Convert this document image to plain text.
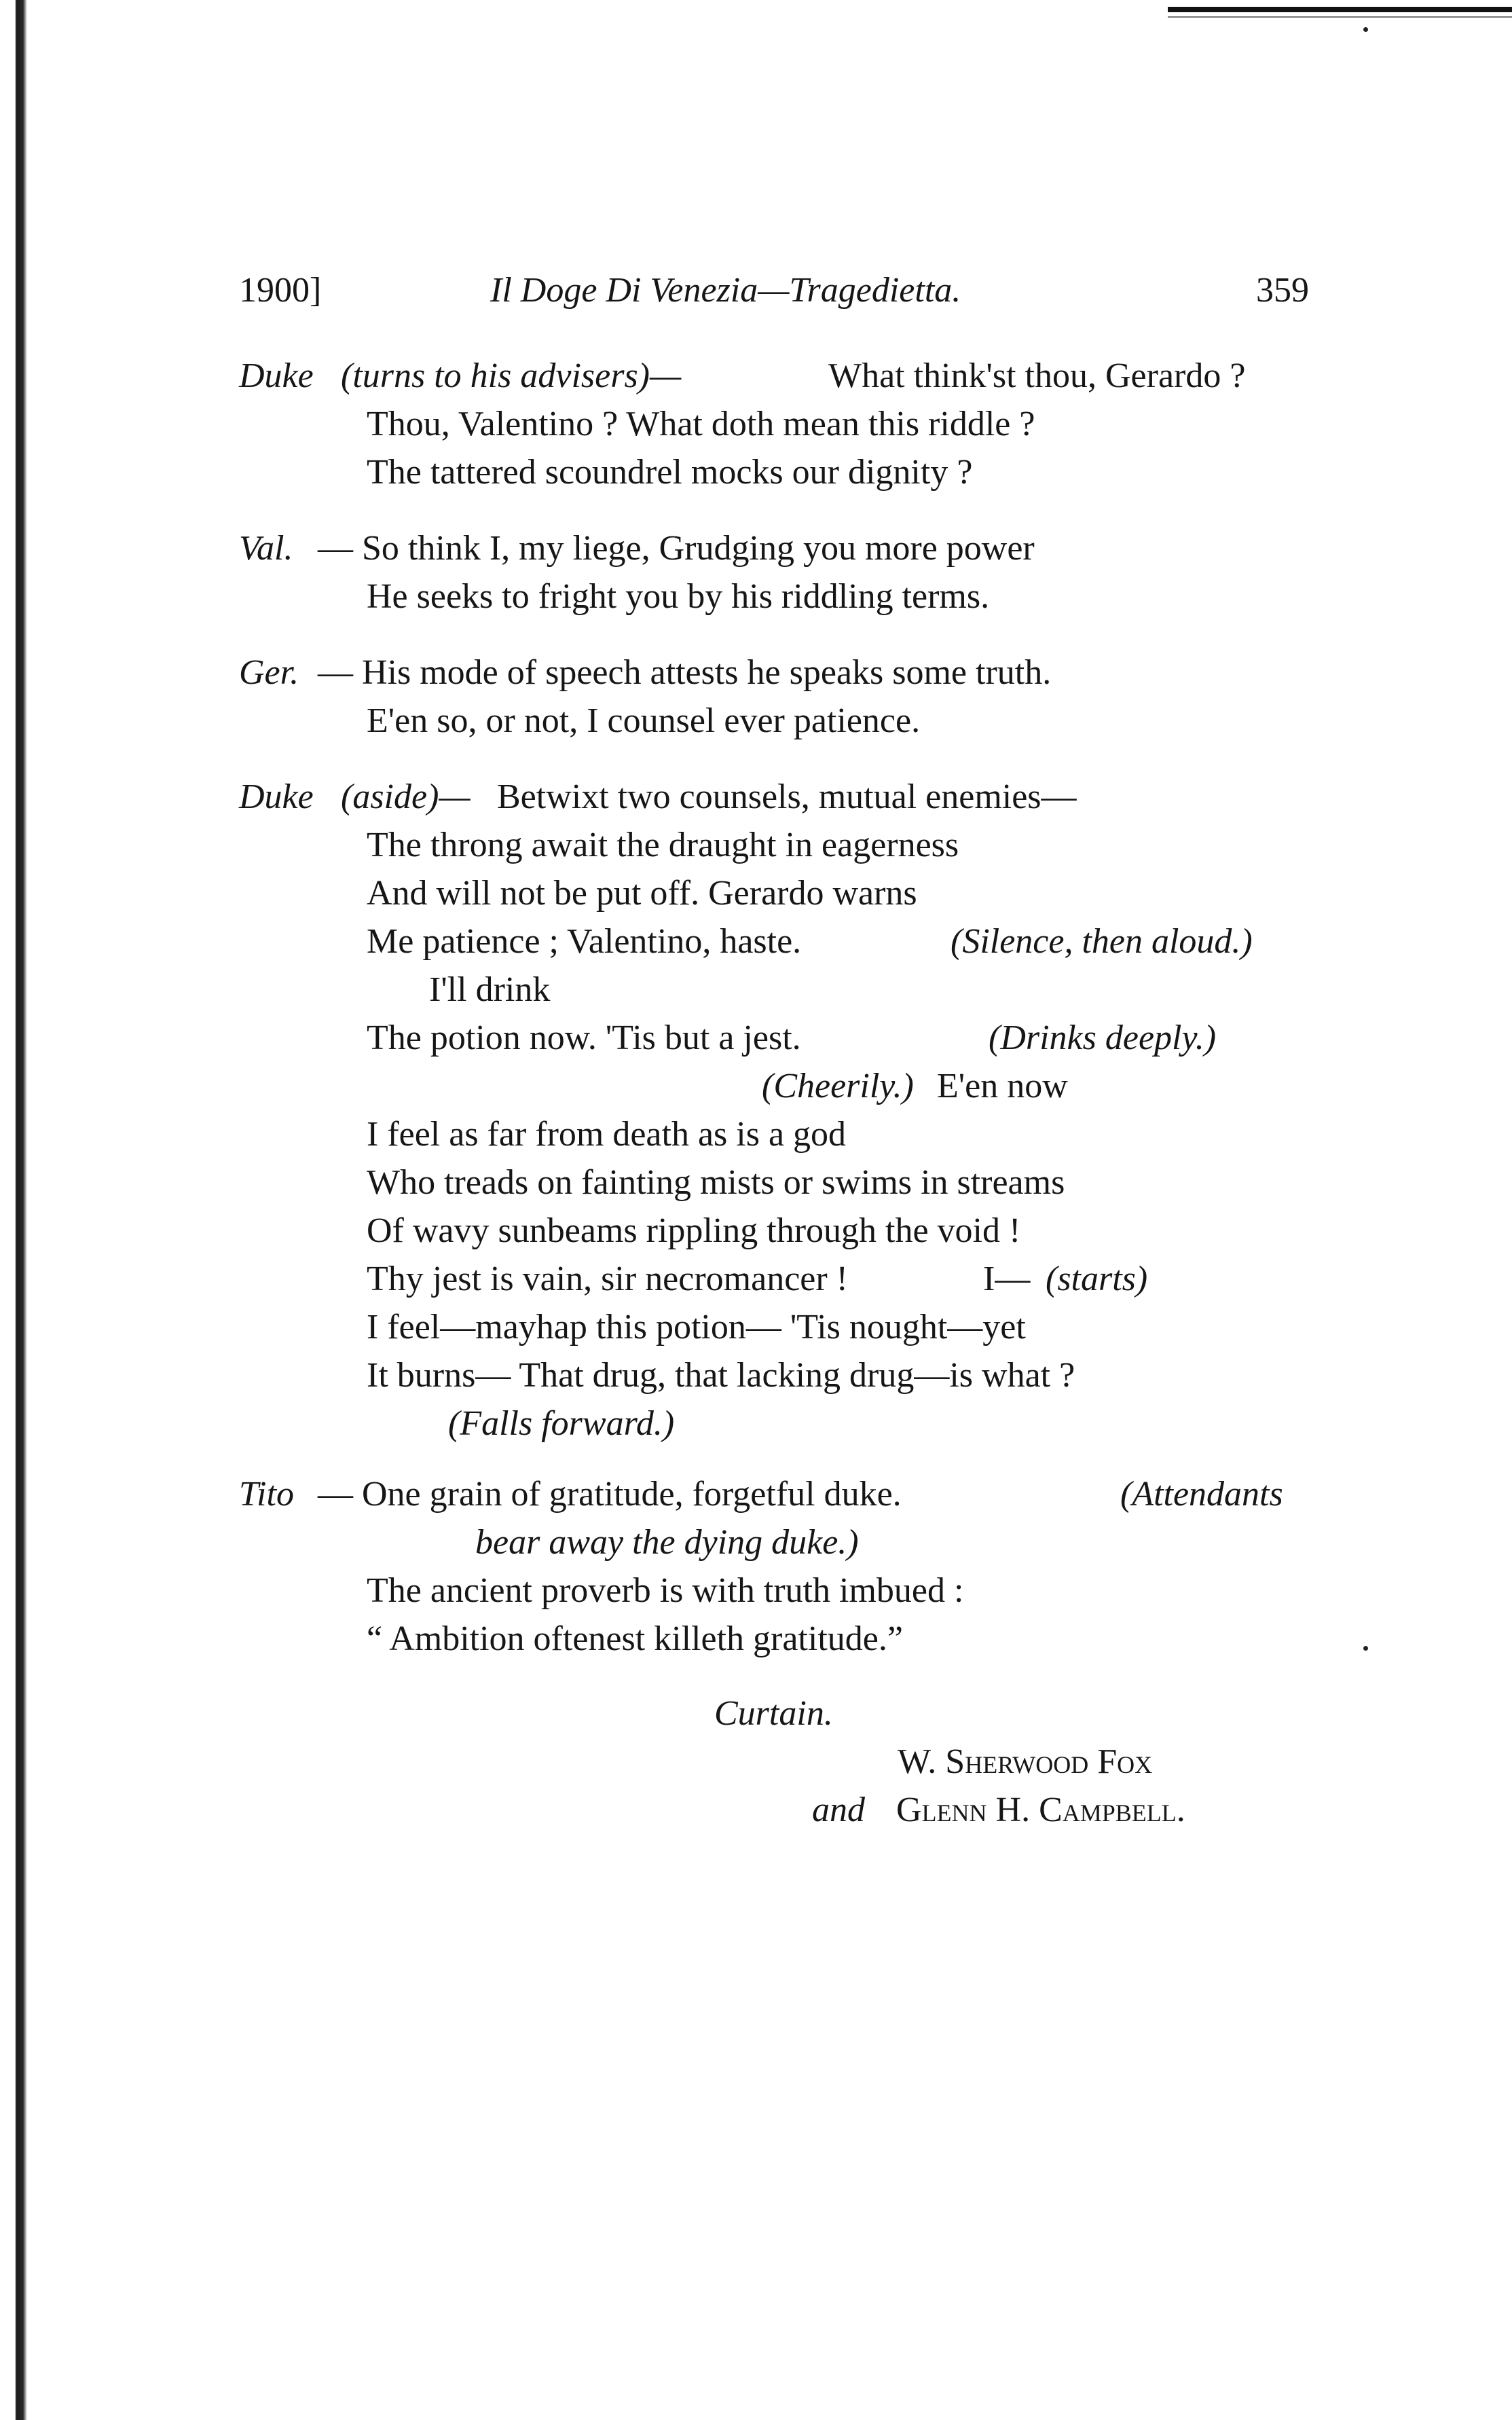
1900]	Il Doge Di Venezia—Tragedietta.	359
Duke (turns to his advisers)—	What think'st thou, Gerardo ?
Thou, Valentino ? What doth mean this riddle ?
The tattered scoundrel mocks our dignity ?
Val. — So think I, my liege, Grudging you more power
He seeks to fright you by his riddling terms.
Ger. — His mode of speech attests he speaks some truth.
E'en so, or not, I counsel ever patience.
Duke (aside)— Betwixt two counsels, mutual enemies—
The throng await the draught in eagerness
And will not be put off. Gerardo warns
Me patience ; Valentino, haste.	(Silence, then aloud.)
I'll drink
The potion now. 'Tis but a jest.	(Drinks deeply.)
(Cheerily.) E'en now
I feel as far from death as is a god
Who treads on fainting mists or swims in streams
Of wavy sunbeams rippling through the void !
Thy jest is vain, sir necromancer !	I— (starts)
I feel—mayhap this potion— 'Tis nought—yet
It burns— That drug, that lacking drug—is what ?
(Falls forward.)
Tito — One grain of gratitude, forgetful duke.	(Attendants
bear away the dying duke.)
The ancient proverb is with truth imbued :
“ Ambition oftenest killeth gratitude.”
Curtain.
W. Sherwood Fox
and Glenn H. Campbell.
